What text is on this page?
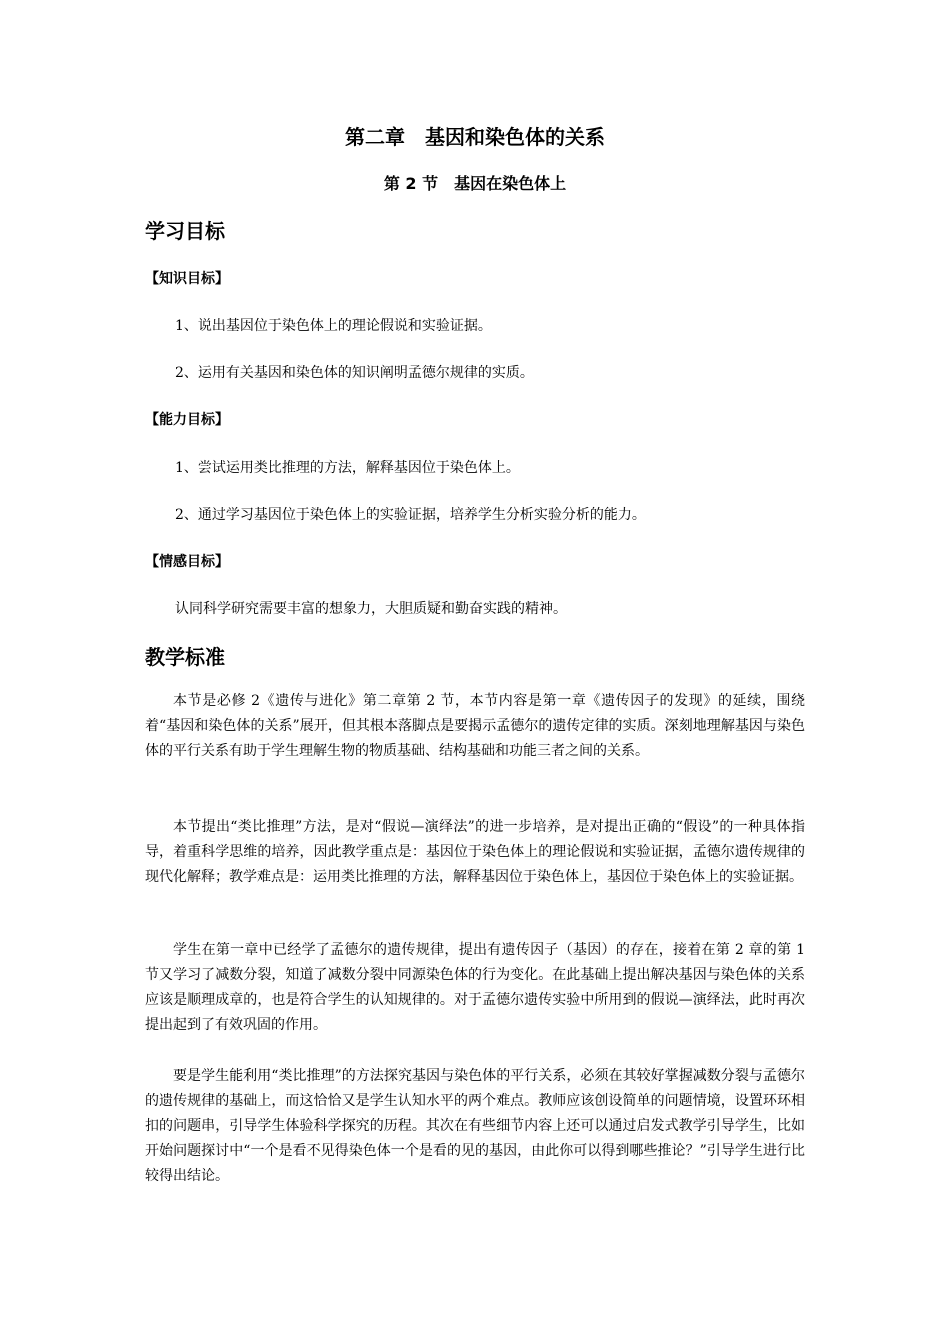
第二章　基因和染色体的关系
第 2 节　基因在染色体上
学习目标
【知识目标】

1、说出基因位于染色体上的理论假说和实验证据。

2、运用有关基因和染色体的知识阐明孟德尔规律的实质。

【能力目标】

1、尝试运用类比推理的方法，解释基因位于染色体上。

2、通过学习基因位于染色体上的实验证据，培养学生分析实验分析的能力。

【情感目标】

认同科学研究需要丰富的想象力，大胆质疑和勤奋实践的精神。

教学标准

本节是必修 2《遗传与进化》第二章第 2 节，本节内容是第一章《遗传因子的发现》的延续，围绕着“基因和染色体的关系”展开，但其根本落脚点是要揭示孟德尔的遗传定律的实质。深刻地理解基因与染色体的平行关系有助于学生理解生物的物质基础、结构基础和功能三者之间的关系。

本节提出“类比推理”方法，是对“假说—演绎法”的进一步培养，是对提出正确的“假设”的一种具体指导，着重科学思维的培养，因此教学重点是：基因位于染色体上的理论假说和实验证据，孟德尔遗传规律的现代化解释；教学难点是：运用类比推理的方法，解释基因位于染色体上，基因位于染色体上的实验证据。

学生在第一章中已经学了孟德尔的遗传规律，提出有遗传因子（基因）的存在，接着在第 2 章的第 1 节又学习了减数分裂，知道了减数分裂中同源染色体的行为变化。在此基础上提出解决基因与染色体的关系应该是顺理成章的，也是符合学生的认知规律的。对于孟德尔遗传实验中所用到的假说—演绎法，此时再次提出起到了有效巩固的作用。

要是学生能利用“类比推理”的方法探究基因与染色体的平行关系，必须在其较好掌握减数分裂与孟德尔的遗传规律的基础上，而这恰恰又是学生认知水平的两个难点。教师应该创设简单的问题情境，设置环环相扣的问题串，引导学生体验科学探究的历程。其次在有些细节内容上还可以通过启发式教学引导学生，比如开始问题探讨中“一个是看不见得染色体一个是看的见的基因，由此你可以得到哪些推论？”引导学生进行比较得出结论。
